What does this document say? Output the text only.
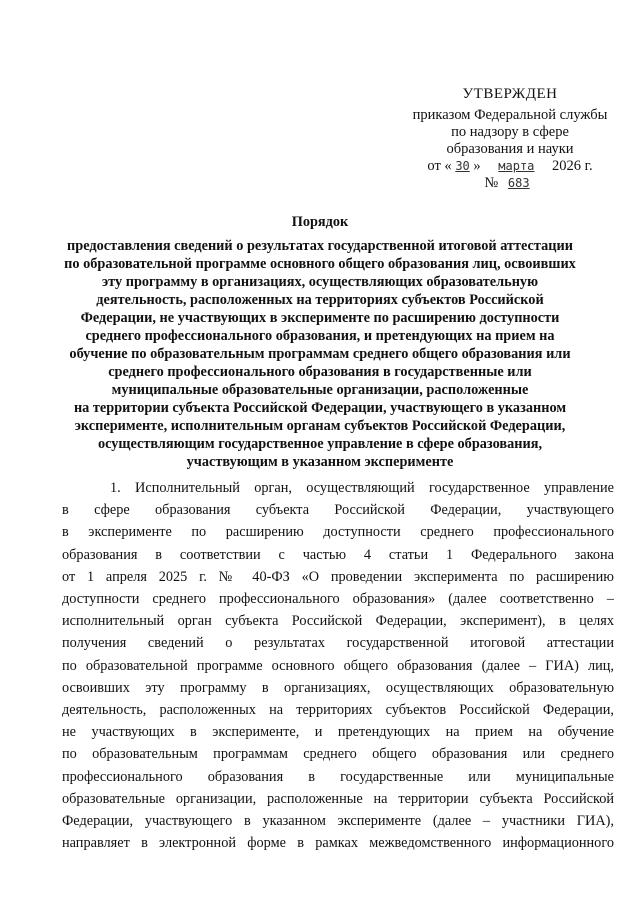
УТВЕРЖДЕН
приказом Федеральной службы
по надзору в сфере
образования и науки
от « 30 » марта 2026 г.
№ 683
Порядок
предоставления сведений о результатах государственной итоговой аттестации
по образовательной программе основного общего образования лиц, освоивших
эту программу в организациях, осуществляющих образовательную
деятельность, расположенных на территориях субъектов Российской
Федерации, не участвующих в эксперименте по расширению доступности
среднего профессионального образования, и претендующих на прием на
обучение по образовательным программам среднего общего образования или
среднего профессионального образования в государственные или
муниципальные образовательные организации, расположенные
на территории субъекта Российской Федерации, участвующего в указанном
эксперименте, исполнительным органам субъектов Российской Федерации,
осуществляющим государственное управление в сфере образования,
участвующим в указанном эксперименте
1. Исполнительный орган, осуществляющий государственное управление
в сфере образования субъекта Российской Федерации, участвующего
в эксперименте по расширению доступности среднего профессионального
образования в соответствии с частью 4 статьи 1 Федерального закона
от 1 апреля 2025 г. № 40-ФЗ «О проведении эксперимента по расширению
доступности среднего профессионального образования» (далее соответственно –
исполнительный орган субъекта Российской Федерации, эксперимент), в целях
получения сведений о результатах государственной итоговой аттестации
по образовательной программе основного общего образования (далее – ГИА) лиц,
освоивших эту программу в организациях, осуществляющих образовательную
деятельность, расположенных на территориях субъектов Российской Федерации,
не участвующих в эксперименте, и претендующих на прием на обучение
по образовательным программам среднего общего образования или среднего
профессионального образования в государственные или муниципальные
образовательные организации, расположенные на территории субъекта Российской
Федерации, участвующего в указанном эксперименте (далее – участники ГИА),
направляет в электронной форме в рамках межведомственного информационного
